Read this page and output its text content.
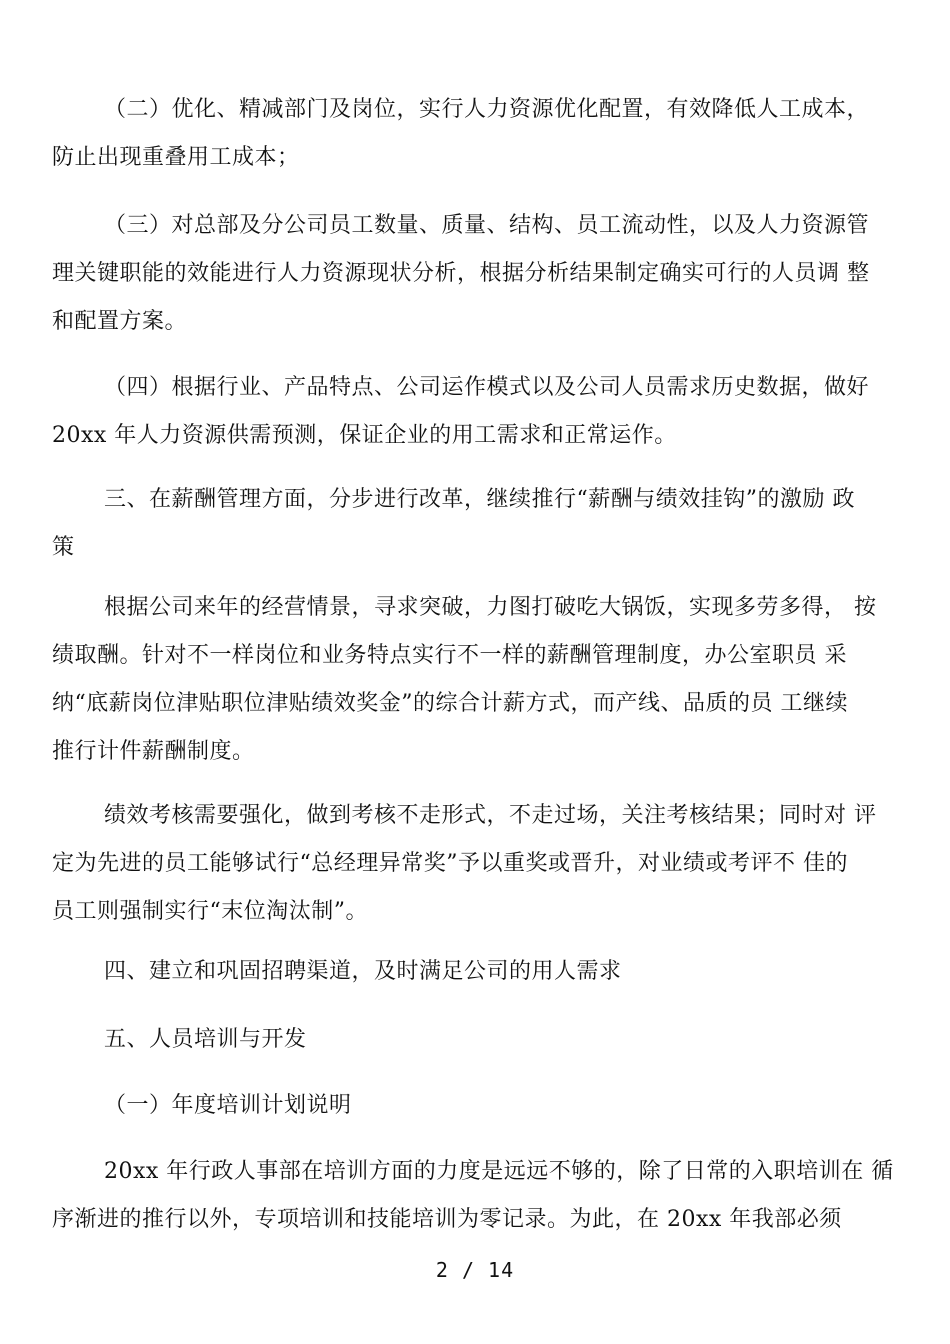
（二）优化、精减部门及岗位，实行人力资源优化配置，有效降低人工成本，
防止出现重叠用工成本；
（三）对总部及分公司员工数量、质量、结构、员工流动性，以及人力资源管
理关键职能的效能进行人力资源现状分析，根据分析结果制定确实可行的人员调 整
和配置方案。
（四）根据行业、产品特点、公司运作模式以及公司人员需求历史数据，做好
20xx 年人力资源供需预测，保证企业的用工需求和正常运作。
三、在薪酬管理方面，分步进行改革，继续推行“薪酬与绩效挂钩”的激励 政
策
根据公司来年的经营情景，寻求突破，力图打破吃大锅饭，实现多劳多得， 按
绩取酬。针对不一样岗位和业务特点实行不一样的薪酬管理制度，办公室职员 采
纳“底薪岗位津贴职位津贴绩效奖金”的综合计薪方式，而产线、品质的员 工继续
推行计件薪酬制度。
绩效考核需要强化，做到考核不走形式，不走过场，关注考核结果；同时对 评
定为先进的员工能够试行“总经理异常奖”予以重奖或晋升，对业绩或考评不 佳的
员工则强制实行“末位淘汰制”。
四、建立和巩固招聘渠道，及时满足公司的用人需求
五、人员培训与开发
（一）年度培训计划说明
20xx 年行政人事部在培训方面的力度是远远不够的，除了日常的入职培训在 循
序渐进的推行以外，专项培训和技能培训为零记录。为此，在 20xx 年我部必须
2 / 14
